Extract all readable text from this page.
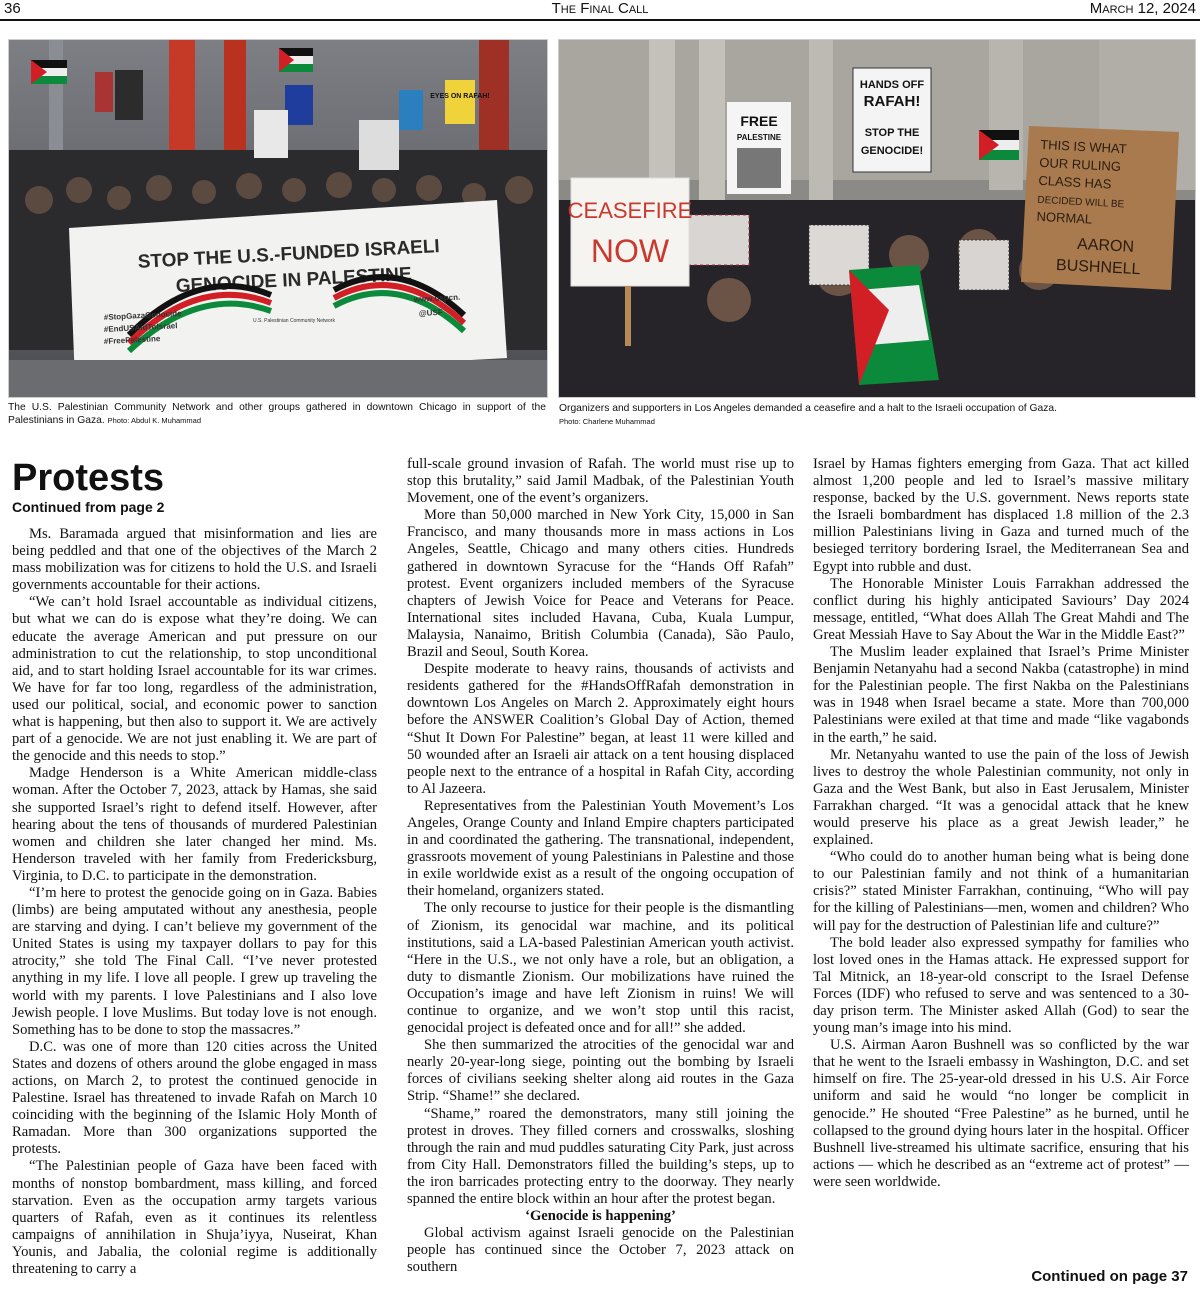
36	The Final Call	March 12, 2024
EYES ON RAFAH!
STOP THE U.S.-FUNDED ISRAELI
GENOCIDE IN PALESTINE
#StopGazaGenocide
#EndUSAidToIsrael
#FreePalestine
www.uspcn.
@USF
U.S. Palestinian Community Network
The U.S. Palestinian Community Network and other groups gathered in downtown Chicago in support of the Palestinians in Gaza. Photo: Abdul K. Muhammad
CEASEFIRE
NOW
FREE
PALESTINE
HANDS OFF
RAFAH!
STOP THE
GENOCIDE!	THIS IS WHAT
OUR RULING
CLASS HAS
DECIDED WILL BE
NORMAL
AARON
BUSHNELL
Organizers and supporters in Los Angeles demanded a ceasefire and a halt to the Israeli occupation of Gaza.
Photo: Charlene Muhammad
Protests
Continued from page 2

Ms. Baramada argued that misinformation and lies are being peddled and that one of the objectives of the March 2 mass mobilization was for citizens to hold the U.S. and Israeli governments accountable for their actions.

“We can’t hold Israel accountable as individual citizens, but what we can do is expose what they’re doing. We can educate the average American and put pressure on our administration to cut the relationship, to stop unconditional aid, and to start holding Israel accountable for its war crimes. We have for far too long, regardless of the administration, used our political, social, and economic power to sanction what is happening, but then also to support it. We are actively part of a genocide. We are not just enabling it. We are part of the genocide and this needs to stop.”

Madge Henderson is a White American middle-class woman. After the October 7, 2023, attack by Hamas, she said she supported Israel’s right to defend itself. However, after hearing about the tens of thousands of murdered Palestinian women and children she later changed her mind. Ms. Henderson traveled with her family from Fredericksburg, Virginia, to D.C. to participate in the demonstration.

“I’m here to protest the genocide going on in Gaza. Babies (limbs) are being amputated without any anesthesia, people are starving and dying. I can’t believe my government of the United States is using my taxpayer dollars to pay for this atrocity,” she told The Final Call. “I’ve never protested anything in my life. I love all people. I grew up traveling the world with my parents. I love Palestinians and I also love Jewish people. I love Muslims. But today love is not enough. Something has to be done to stop the massacres.”

D.C. was one of more than 120 cities across the United States and dozens of others around the globe engaged in mass actions, on March 2, to protest the continued genocide in Palestine. Israel has threatened to invade Rafah on March 10 coinciding with the beginning of the Islamic Holy Month of Ramadan. More than 300 organizations supported the protests.

“The Palestinian people of Gaza have been faced with months of nonstop bombardment, mass killing, and forced starvation. Even as the occupation army targets various quarters of Rafah, even as it continues its relentless campaigns of annihilation in Shuja’iyya, Nuseirat, Khan Younis, and Jabalia, the colonial regime is additionally threatening to carry a

full-scale ground invasion of Rafah. The world must rise up to stop this brutality,” said Jamil Madbak, of the Palestinian Youth Movement, one of the event’s organizers.

More than 50,000 marched in New York City, 15,000 in San Francisco, and many thousands more in mass actions in Los Angeles, Seattle, Chicago and many others cities. Hundreds gathered in downtown Syracuse for the “Hands Off Rafah” protest. Event organizers included members of the Syracuse chapters of Jewish Voice for Peace and Veterans for Peace. International sites included Havana, Cuba, Kuala Lumpur, Malaysia, Nanaimo, British Columbia (Canada), São Paulo, Brazil and Seoul, South Korea.

Despite moderate to heavy rains, thousands of activists and residents gathered for the #HandsOffRafah demonstration in downtown Los Angeles on March 2. Approximately eight hours before the ANSWER Coalition’s Global Day of Action, themed “Shut It Down For Palestine” began, at least 11 were killed and 50 wounded after an Israeli air attack on a tent housing displaced people next to the entrance of a hospital in Rafah City, according to Al Jazeera.

Representatives from the Palestinian Youth Movement’s Los Angeles, Orange County and Inland Empire chapters participated in and coordinated the gathering. The transnational, independent, grassroots movement of young Palestinians in Palestine and those in exile worldwide exist as a result of the ongoing occupation of their homeland, organizers stated.

The only recourse to justice for their people is the dismantling of Zionism, its genocidal war machine, and its political institutions, said a LA-based Palestinian American youth activist. “Here in the U.S., we not only have a role, but an obligation, a duty to dismantle Zionism. Our mobilizations have ruined the Occupation’s image and have left Zionism in ruins! We will continue to organize, and we won’t stop until this racist, genocidal project is defeated once and for all!” she added.

She then summarized the atrocities of the genocidal war and nearly 20-year-long siege, pointing out the bombing by Israeli forces of civilians seeking shelter along aid routes in the Gaza Strip. “Shame!” she declared.

“Shame,” roared the demonstrators, many still joining the protest in droves. They filled corners and crosswalks, sloshing through the rain and mud puddles saturating City Park, just across from City Hall. Demonstrators filled the building’s steps, up to the iron barricades protecting entry to the doorway. They nearly spanned the entire block within an hour after the protest began.

‘Genocide is happening’

Global activism against Israeli genocide on the Palestinian people has continued since the October 7, 2023 attack on southern

Israel by Hamas fighters emerging from Gaza. That act killed almost 1,200 people and led to Israel’s massive military response, backed by the U.S. government. News reports state the Israeli bombardment has displaced 1.8 million of the 2.3 million Palestinians living in Gaza and turned much of the besieged territory bordering Israel, the Mediterranean Sea and Egypt into rubble and dust.

The Honorable Minister Louis Farrakhan addressed the conflict during his highly anticipated Saviours’ Day 2024 message, entitled, “What does Allah The Great Mahdi and The Great Messiah Have to Say About the War in the Middle East?”

The Muslim leader explained that Israel’s Prime Minister Benjamin Netanyahu had a second Nakba (catastrophe) in mind for the Palestinian people. The first Nakba on the Palestinians was in 1948 when Israel became a state. More than 700,000 Palestinians were exiled at that time and made “like vagabonds in the earth,” he said.

Mr. Netanyahu wanted to use the pain of the loss of Jewish lives to destroy the whole Palestinian community, not only in Gaza and the West Bank, but also in East Jerusalem, Minister Farrakhan charged. “It was a genocidal attack that he knew would preserve his place as a great Jewish leader,” he explained.

“Who could do to another human being what is being done to our Palestinian family and not think of a humanitarian crisis?” stated Minister Farrakhan, continuing, “Who will pay for the killing of Palestinians—men, women and children? Who will pay for the destruction of Palestinian life and culture?”

The bold leader also expressed sympathy for families who lost loved ones in the Hamas attack. He expressed support for Tal Mitnick, an 18-year-old conscript to the Israel Defense Forces (IDF) who refused to serve and was sentenced to a 30-day prison term. The Minister asked Allah (God) to sear the young man’s image into his mind.

U.S. Airman Aaron Bushnell was so conflicted by the war that he went to the Israeli embassy in Washington, D.C. and set himself on fire. The 25-year-old dressed in his U.S. Air Force uniform and said he would “no longer be complicit in genocide.” He shouted “Free Palestine” as he burned, until he collapsed to the ground dying hours later in the hospital. Officer Bushnell live-streamed his ultimate sacrifice, ensuring that his actions — which he described as an “extreme act of protest” — were seen worldwide.

Continued on page 37
